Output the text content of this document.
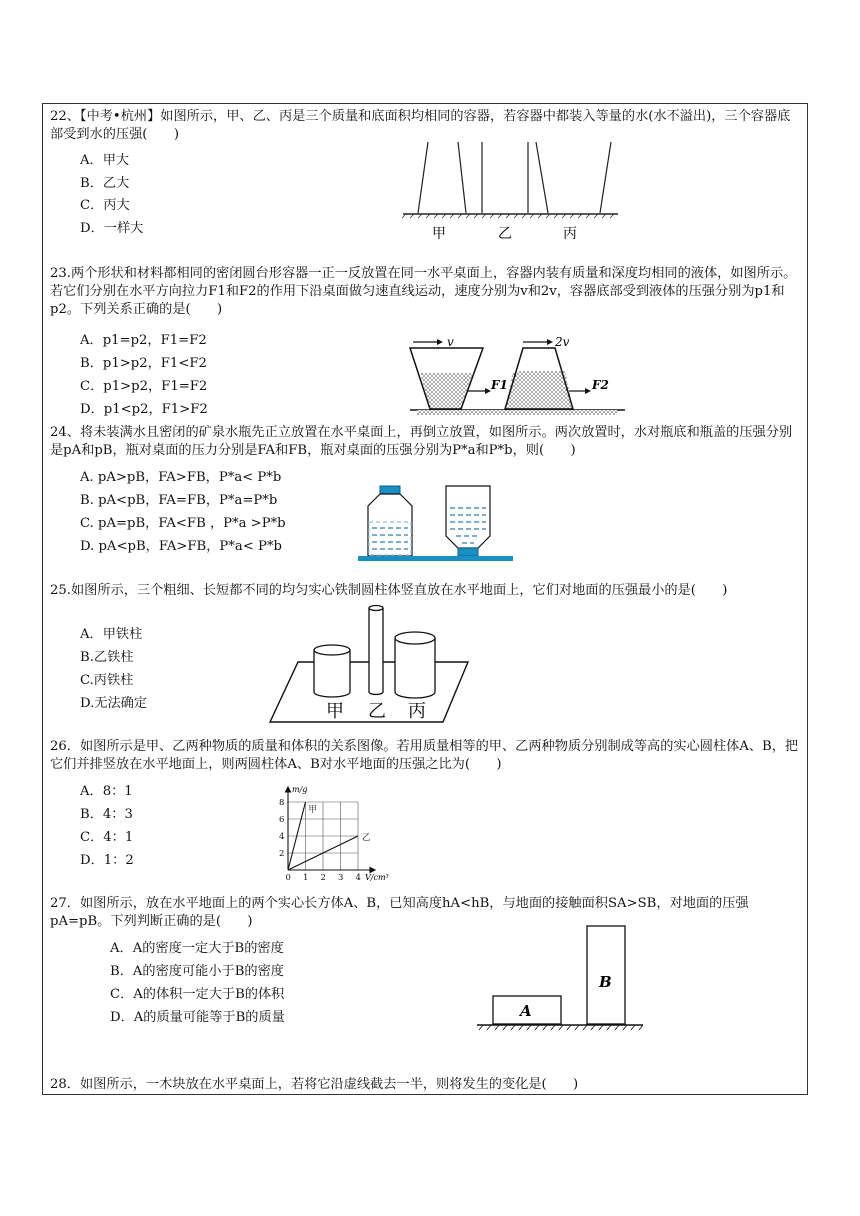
22、【中考•杭州】如图所示，甲、乙、丙是三个质量和底面积均相同的容器，若容器中都装入等量的水(水不溢出)，三个容器底部受到水的压强(　　)
A．甲大
B．乙大
C．丙大
D．一样大	甲	乙	丙
23.两个形状和材料都相同的密闭圆台形容器一正一反放置在同一水平桌面上，容器内装有质量和深度均相同的液体，如图所示。若它们分别在水平方向拉力F1和F2的作用下沿桌面做匀速直线运动，速度分别为v和2v，容器底部受到液体的压强分别为p1和p2。下列关系正确的是(　　)
A．p1=p2，F1=F2
B．p1>p2，F1<F2
C．p1>p2，F1=F2
D．p1<p2，F1>F2
v	2v
F1	F2
24、将未装满水且密闭的矿泉水瓶先正立放置在水平桌面上，再倒立放置，如图所示。两次放置时，水对瓶底和瓶盖的压强分别是pA和pB，瓶对桌面的压力分别是FA和FB，瓶对桌面的压强分别为P*a和P*b，则(　　)
A. pA>pB，FA>FB，P*a< P*b
B. pA<pB，FA=FB，P*a=P*b
C. pA=pB，FA<FB ，P*a >P*b
D. pA<pB，FA>FB，P*a< P*b
25.如图所示，三个粗细、长短都不同的均匀实心铁制圆柱体竖直放在水平地面上，它们对地面的压强最小的是(　　)
A．甲铁柱
B.乙铁柱
C.丙铁柱
D.无法确定	甲 乙 丙
26．如图所示是甲、乙两种物质的质量和体积的关系图像。若用质量相等的甲、乙两种物质分别制成等高的实心圆柱体A、B，把它们并排竖放在水平地面上，则两圆柱体A、B对水平地面的压强之比为(　　)
A．8：1
B．4：3
C．4：1
D．1：2
0 1 2 3 4
2
4
6
8
甲
乙
m/g
V/cm³
27．如图所示，放在水平地面上的两个实心长方体A、B，已知高度hA<hB，与地面的接触面积SA>SB，对地面的压强pA=pB。下列判断正确的是(　　)
A．A的密度一定大于B的密度
B．A的密度可能小于B的密度
C．A的体积一定大于B的体积
D．A的质量可能等于B的质量	A
B
28．如图所示，一木块放在水平桌面上，若将它沿虚线截去一半，则将发生的变化是(　　)
